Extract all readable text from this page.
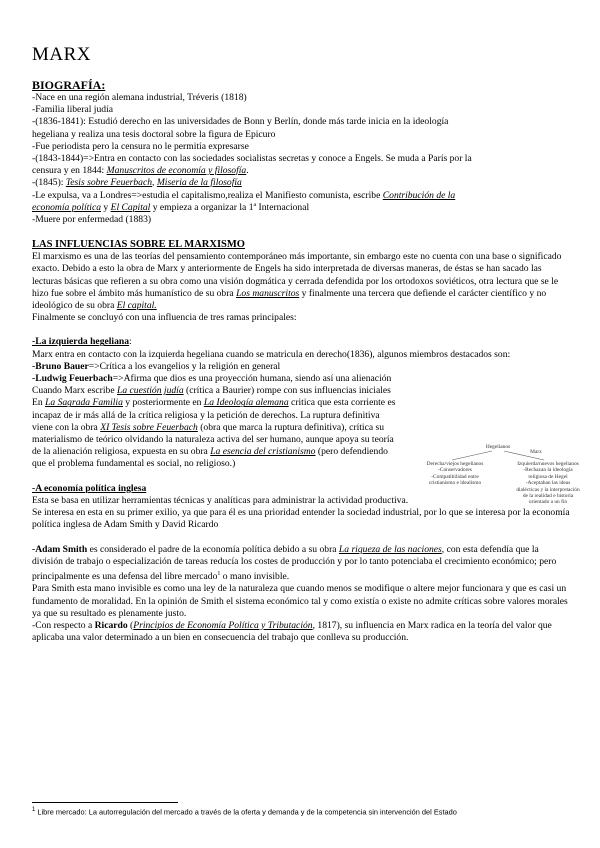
MARX
BIOGRAFÍA:
-Nace en una región alemana industrial, Tréveris (1818)
-Familia liberal judía
-(1836-1841): Estudió derecho en las universidades de Bonn y Berlín, donde más tarde inicia en la ideología
hegeliana y realiza una tesis doctoral sobre la figura de Epicuro
-Fue periodista pero la censura no le permitía expresarse
-(1843-1844)=>Entra en contacto con las sociedades socialistas secretas y conoce a Engels. Se muda a París por la
censura y en 1844: Manuscritos de economía y filosofía.
-(1845): Tesis sobre Feuerbach, Miseria de la filosofía
-Le expulsa, va a Londres=>estudia el capitalismo,realiza el Manifiesto comunista, escribe Contribución de la
economía política y El Capital y empieza a organizar la 1ª Internacional
-Muere por enfermedad (1883)
LAS INFLUENCIAS SOBRE EL MARXISMO
El marxismo es una de las teorías del pensamiento contemporáneo más importante, sin embargo este no cuenta con una base o significado exacto. Debido a esto la obra de Marx y anteriormente de Engels ha sido interpretada de diversas maneras, de éstas se han sacado las lecturas básicas que refieren a su obra como una visión dogmática y cerrada defendida por los ortodoxos soviéticos, otra lectura que se le hizo fue sobre el ámbito más humanístico de su obra Los manuscritos y finalmente una tercera que defiende el carácter científico y no ideológico de su obra El capital.
Finalmente se concluyó con una influencia de tres ramas principales:
-La izquierda hegeliana:
Marx entra en contacto con la izquierda hegeliana cuando se matricula en derecho(1836), algunos miembros destacados son:
-Bruno Bauer=>Crítica a los evangelios y la religión en general
-Ludwig Feuerbach=>Afirma que dios es una proyección humana, siendo así una alienación
Cuando Marx escribe La cuestión judía (crítica a Baurier) rompe con sus influencias iniciales
En La Sagrada Familia y posteriormente en La Ideología alemana critica que esta corriente es incapaz de ir más allá de la crítica religiosa y la petición de derechos. La ruptura definitiva viene con la obra XI Tesis sobre Feuerbach (obra que marca la ruptura definitiva), crítica su materialismo de teórico olvidando la naturaleza activa del ser humano, aunque apoya su teoría de la alienación religiosa, expuesta en su obra La esencia del cristianismo (pero defendiendo que el problema fundamental es social, no religioso.)
-A economía política inglesa
Esta se basa en utilizar herramientas técnicas y analíticas para administrar la actividad productiva.
Se interesa en esta en su primer exilio, ya que para él es una prioridad entender la sociedad industrial, por lo que se interesa por la economía política inglesa de Adam Smith y David Ricardo
-Adam Smith es considerado el padre de la economía política debido a su obra La riqueza de las naciones, con esta defendía que la división de trabajo o especialización de tareas reducía los costes de producción y por lo tanto potenciaba el crecimiento económico; pero principalmente es una defensa del libre mercado$^1$ o mano invisible.
Para Smith esta mano invisible es como una ley de la naturaleza que cuando menos se modifique o altere mejor funcionara y que es casi un fundamento de moralidad. En la opinión de Smith el sistema económico tal y como existía o existe no admite críticas sobre valores morales ya que su resultado es plenamente justo.
-Con respecto a Ricardo (Principios de Economía Política y Tributación, 1817), su influencia en Marx radica en la teoría del valor que aplicaba una valor determinado a un bien en consecuencia del trabajo que conlleva su producción.
Hegelianos
Marx
Derecha/viejos hegelianos
-Conservadores
-Compatibilidad entre
cristianismo e idealismo
Izquierda/nuevos hegelianos
-Rechazan la ideología
religiosa de Hegel
-Aceptaban las ideas
dialécticas y la interpretación
de la realidad e historia
orientado a un fin
$^1$ Libre mercado: La autorregulación del mercado a través de la oferta y demanda y de la competencia sin intervención del Estado
